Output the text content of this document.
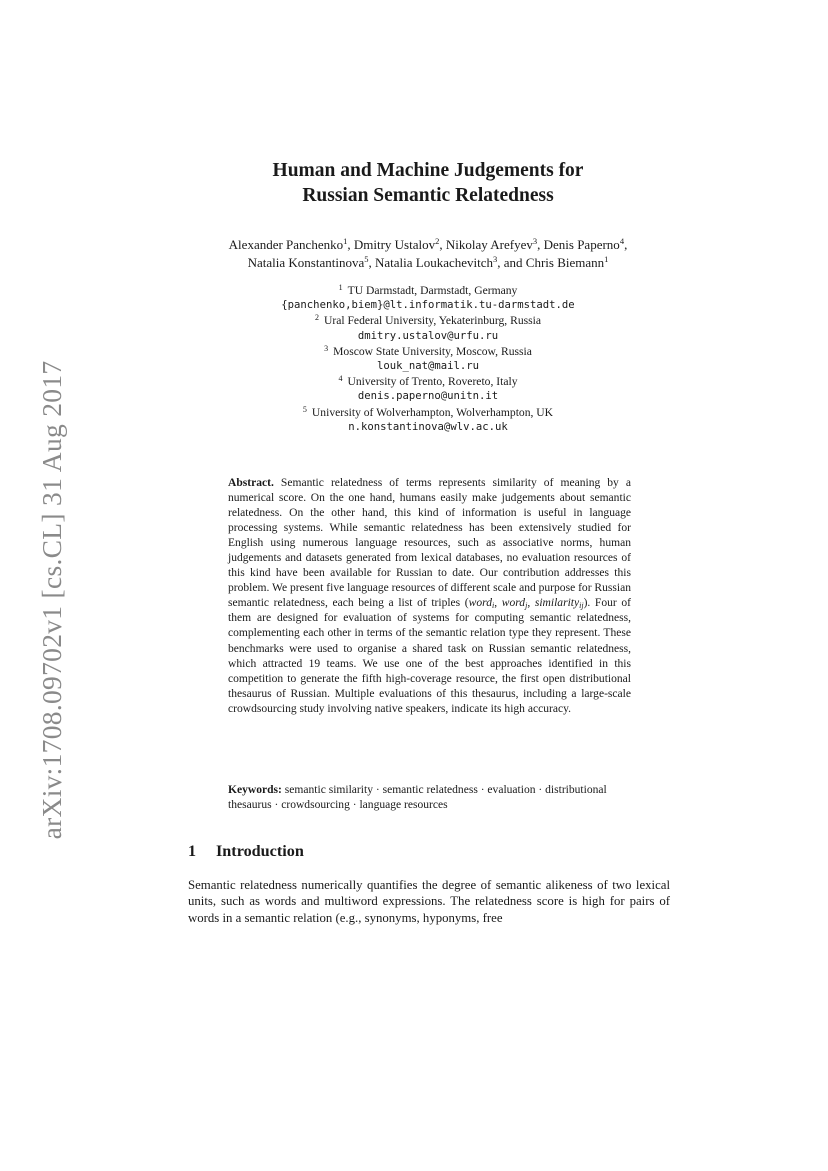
arXiv:1708.09702v1 [cs.CL] 31 Aug 2017
Human and Machine Judgements for
Russian Semantic Relatedness
Alexander Panchenko$^1$, Dmitry Ustalov$^2$, Nikolay Arefyev$^3$, Denis Paperno$^4$,
Natalia Konstantinova$^5$, Natalia Loukachevitch$^3$, and Chris Biemann$^1$
$^1$ TU Darmstadt, Darmstadt, Germany
{panchenko,biem}@lt.informatik.tu-darmstadt.de
$^2$ Ural Federal University, Yekaterinburg, Russia
dmitry.ustalov@urfu.ru
$^3$ Moscow State University, Moscow, Russia
louk_nat@mail.ru
$^4$ University of Trento, Rovereto, Italy
denis.paperno@unitn.it
$^5$ University of Wolverhampton, Wolverhampton, UK
n.konstantinova@wlv.ac.uk
Abstract. Semantic relatedness of terms represents similarity of meaning by a numerical score. On the one hand, humans easily make judgements about semantic relatedness. On the other hand, this kind of information is useful in language processing systems. While semantic relatedness has been extensively studied for English using numerous language resources, such as associative norms, human judgements and datasets generated from lexical databases, no evaluation resources of this kind have been available for Russian to date. Our contribution addresses this problem. We present five language resources of different scale and purpose for Russian semantic relatedness, each being a list of triples (word$_i$, word$_j$, similarity$_{ij}$). Four of them are designed for evaluation of systems for computing semantic relatedness, complementing each other in terms of the semantic relation type they represent. These benchmarks were used to organise a shared task on Russian semantic relatedness, which attracted 19 teams. We use one of the best approaches identified in this competition to generate the fifth high-coverage resource, the first open distributional thesaurus of Russian. Multiple evaluations of this thesaurus, including a large-scale crowdsourcing study involving native speakers, indicate its high accuracy.
Keywords: semantic similarity · semantic relatedness · evaluation · distributional thesaurus · crowdsourcing · language resources
1 Introduction
Semantic relatedness numerically quantifies the degree of semantic alikeness of two lexical units, such as words and multiword expressions. The relatedness score is high for pairs of words in a semantic relation (e.g., synonyms, hyponyms, free
